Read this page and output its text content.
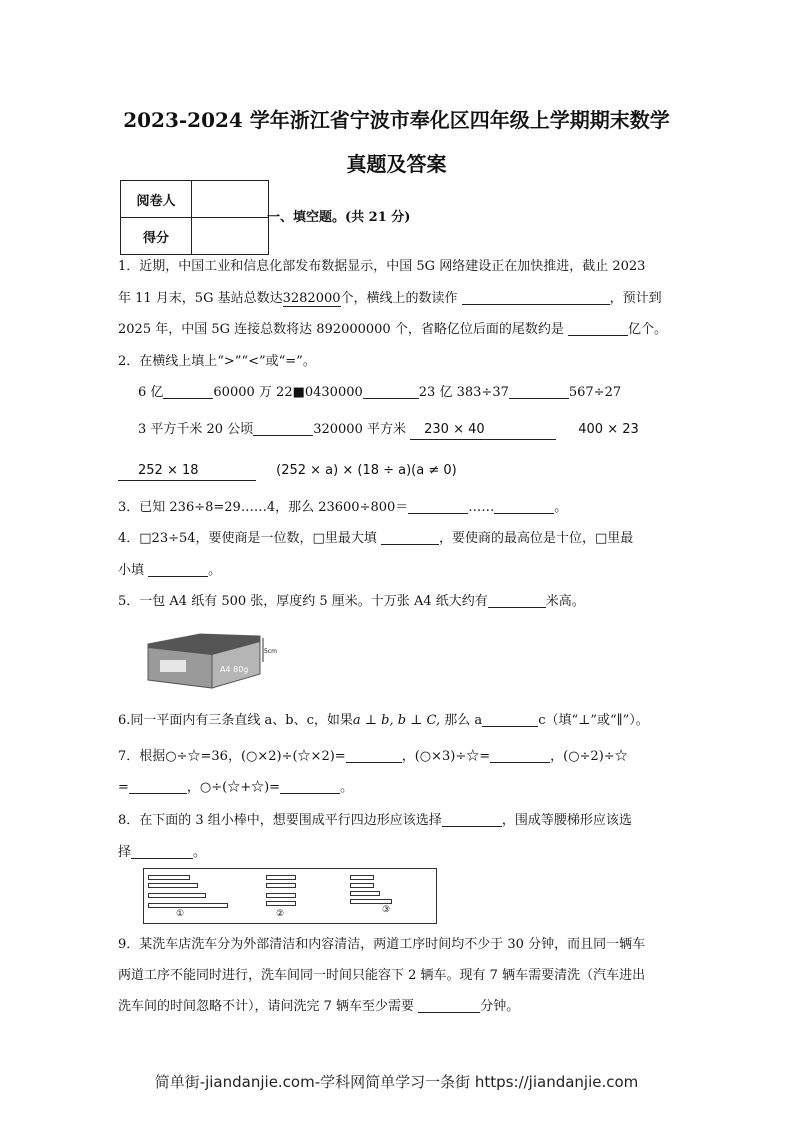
2023-2024 学年浙江省宁波市奉化区四年级上学期期末数学
真题及答案
阅卷人	
得分	
一、填空题。(共 21 分)
1．近期，中国工业和信息化部发布数据显示，中国 5G 网络建设正在加快推进，截止 2023
年 11 月末，5G 基站总数达3282000个，横线上的数读作	，预计到
2025 年，中国 5G 连接总数将达 892000000 个，省略亿位后面的尾数约是	亿个。
2．在横线上填上“>”“<”或“=”。
6 亿	60000 万 22■0430000	23 亿 383÷37	567÷27
3 平方千米 20 公顷	320000 平方米 230 × 40	400 × 23
252 × 18	(252 × a) × (18 ÷ a)(a ≠ 0)
3．已知 236÷8=29……4，那么 23600÷800＝	……	。
4．□23÷54，要使商是一位数，□里最大填	，要使商的最高位是十位，□里最
小填	。
5．一包 A4 纸有 500 张，厚度约 5 厘米。十万张 A4 纸大约有	米高。
A4 80g
5cm
6.同一平面内有三条直线 a、b、c，如果a ⊥ b, b ⊥ C, 那么 a	c（填“⊥”或“∥”）。
7．根据○÷☆=36，(○×2)÷(☆×2)=	，(○×3)÷☆=	，(○÷2)÷☆
=	，○÷(☆+☆)=	。
8．在下面的 3 组小棒中，想要围成平行四边形应该选择	，围成等腰梯形应该选
择	。
①	②	③
9．某洗车店洗车分为外部清洁和内容清洁，两道工序时间均不少于 30 分钟，而且同一辆车
两道工序不能同时进行，洗车间同一时间只能容下 2 辆车。现有 7 辆车需要清洗（汽车进出
洗车间的时间忽略不计），请问洗完 7 辆车至少需要	分钟。
简单街-jiandanjie.com-学科网简单学习一条街 https://jiandanjie.com
